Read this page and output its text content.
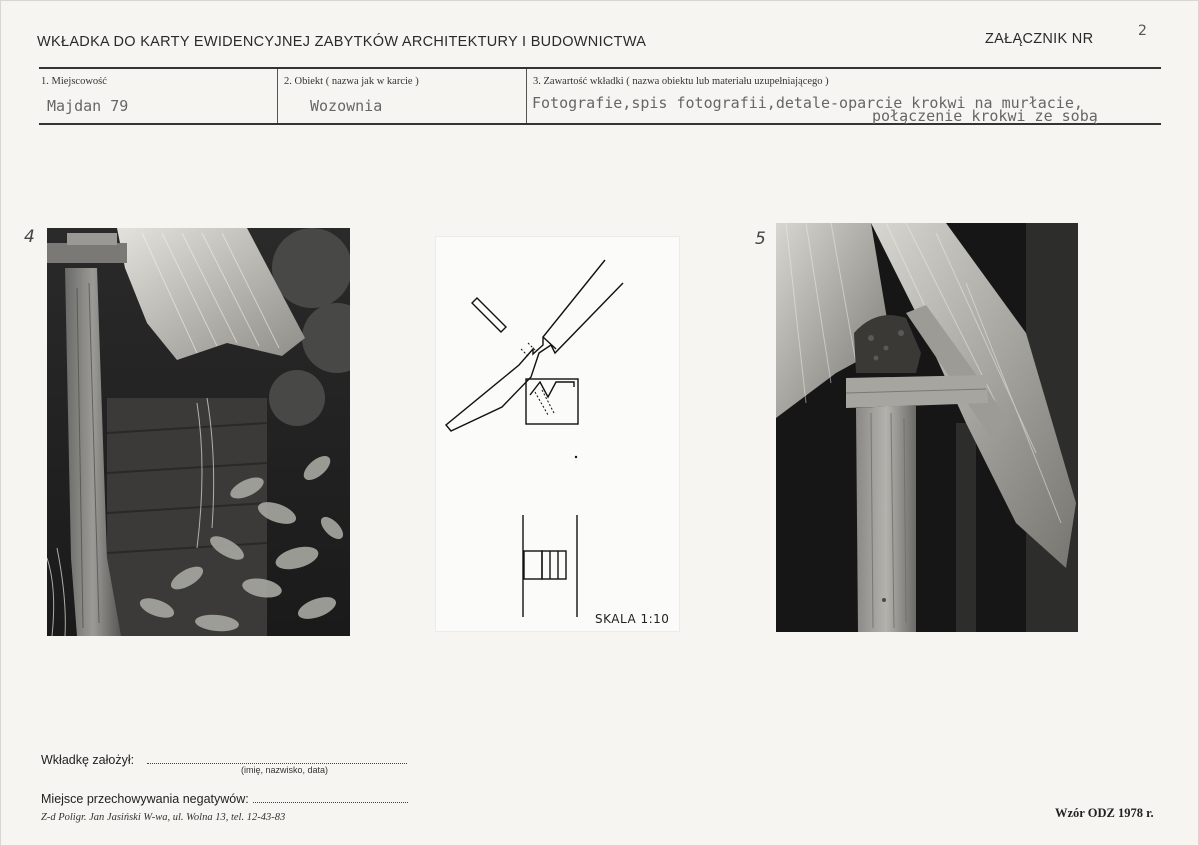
WKŁADKA DO KARTY EWIDENCYJNEJ ZABYTKÓW ARCHITEKTURY I BUDOWNICTWA	ZAŁĄCZNIK NR	2
1. Miejscowość
Majdan 79
2. Obiekt ( nazwa jak w karcie )
Wozownia
3. Zawartość wkładki ( nazwa obiektu lub materiału uzupełniającego )
Fotografie,spis fotografii,detale-oparcie krokwi na murłacie,
połączenie krokwi ze sobą
4	5
SKALA 1:10
Wkładkę założył:
(imię, nazwisko, data)
Miejsce przechowywania negatywów:
Z-d Poligr. Jan Jasiński W-wa, ul. Wolna 13, tel. 12-43-83	Wzór ODZ 1978 r.
